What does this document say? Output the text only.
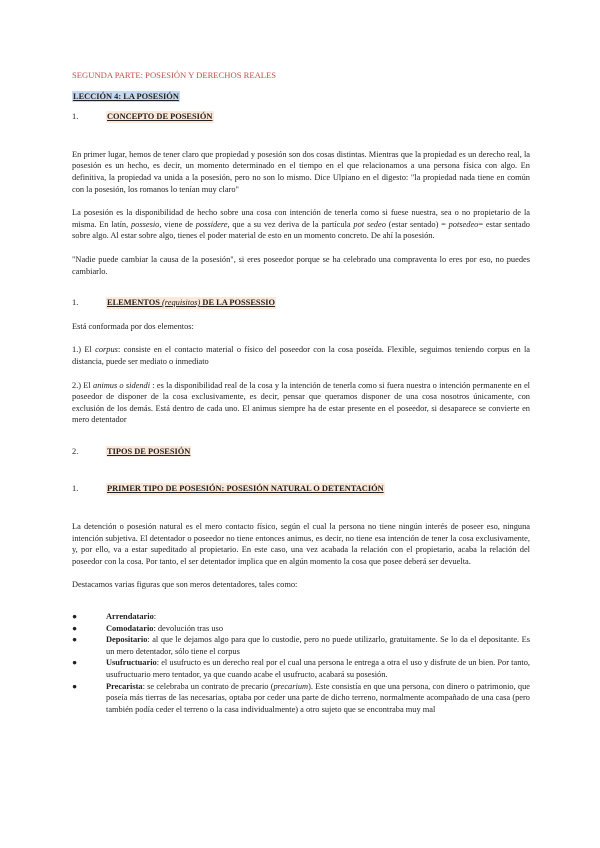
SEGUNDA PARTE: POSESIÓN Y DERECHOS REALES
LECCIÓN 4: LA POSESIÓN
1.	CONCEPTO DE POSESIÓN

En primer lugar, hemos de tener claro que propiedad y posesión son dos cosas distintas. Mientras que la propiedad es un derecho real, la posesión es un hecho, es decir, un momento determinado en el tiempo en el que relacionamos a una persona física con algo. En definitiva, la propiedad va unida a la posesión, pero no son lo mismo. Dice Ulpiano en el digesto: "la propiedad nada tiene en común con la posesión, los romanos lo tenían muy claro"

La posesión es la disponibilidad de hecho sobre una cosa con intención de tenerla como si fuese nuestra, sea o no propietario de la misma. En latín, possesio, viene de possidere, que a su vez deriva de la partícula pot sedeo (estar sentado) = potsedeo= estar sentado sobre algo. Al estar sobre algo, tienes el poder material de esto en un momento concreto. De ahí la posesión.

"Nadie puede cambiar la causa de la posesión", si eres poseedor porque se ha celebrado una compraventa lo eres por eso, no puedes cambiarlo.

1.	ELEMENTOS (requisitos) DE LA POSSESSIO

Está conformada por dos elementos:

1.) El corpus: consiste en el contacto material o físico del poseedor con la cosa poseída. Flexible, seguimos teniendo corpus en la distancia, puede ser mediato o inmediato

2.) El animus o sidendi : es la disponibilidad real de la cosa y la intención de tenerla como si fuera nuestra o intención permanente en el poseedor de disponer de la cosa exclusivamente, es decir, pensar que queramos disponer de una cosa nosotros únicamente, con exclusión de los demás. Está dentro de cada uno. El animus siempre ha de estar presente en el poseedor, si desaparece se convierte en mero detentador

2.	TIPOS DE POSESIÓN
1.	PRIMER TIPO DE POSESIÓN: POSESIÓN NATURAL O DETENTACIÓN

La detención o posesión natural es el mero contacto físico, según el cual la persona no tiene ningún interés de poseer eso, ninguna intención subjetiva. El detentador o poseedor no tiene entonces animus, es decir, no tiene esa intención de tener la cosa exclusivamente, y, por ello, va a estar supeditado al propietario. En este caso, una vez acabada la relación con el propietario, acaba la relación del poseedor con la cosa. Por tanto, el ser detentador implica que en algún momento la cosa que posee deberá ser devuelta.

Destacamos varias figuras que son meros detentadores, tales como:

●	Arrendatario:
●	Comodatario: devolución tras uso
●	Depositario: al que le dejamos algo para que lo custodie, pero no puede utilizarlo, gratuitamente. Se lo da el depositante. Es un mero detentador, sólo tiene el corpus
●	Usufructuario: el usufructo es un derecho real por el cual una persona le entrega a otra el uso y disfrute de un bien. Por tanto, usufructuario mero tentador, ya que cuando acabe el usufructo, acabará su posesión.
●	Precarista: se celebraba un contrato de precario (precarium). Este consistía en que una persona, con dinero o patrimonio, que poseía más tierras de las necesarias, optaba por ceder una parte de dicho terreno, normalmente acompañado de una casa (pero también podía ceder el terreno o la casa individualmente) a otro sujeto que se encontraba muy mal
